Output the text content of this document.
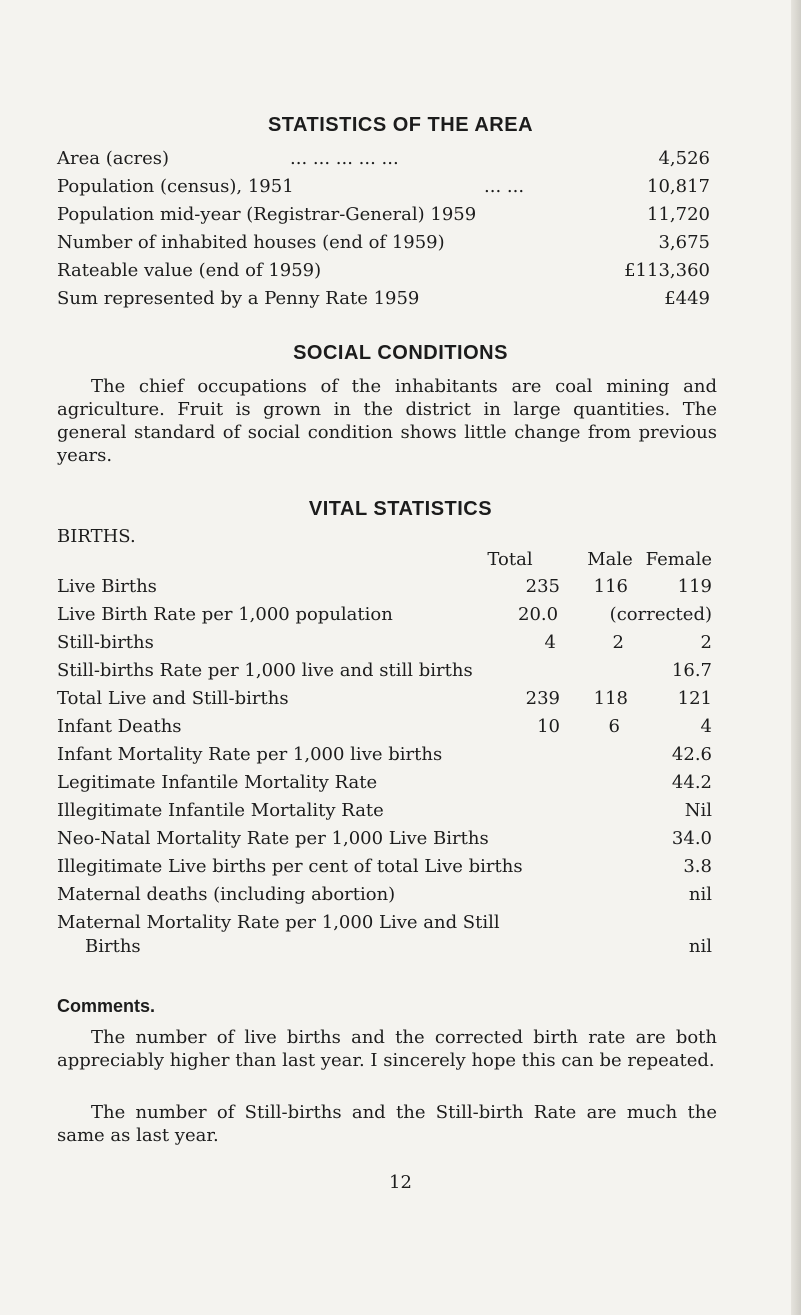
STATISTICS OF THE AREA
Area (acres)	... ... ... ... ...	4,526
Population (census), 1951	... ...	10,817
Population mid-year (Registrar-General) 1959	11,720
Number of inhabited houses (end of 1959)	3,675
Rateable value (end of 1959)	£113,360
Sum represented by a Penny Rate 1959	£449
SOCIAL CONDITIONS
The chief occupations of the inhabitants are coal mining and agriculture. Fruit is grown in the district in large quantities. The general standard of social condition shows little change from previous years.
VITAL STATISTICS
BIRTHS.
Total	Male Female
Live Births	235	116	119
Live Birth Rate per 1,000 population	20.0	(corrected)
Still-births	4	2	2
Still-births Rate per 1,000 live and still births	16.7
Total Live and Still-births	239	118	121
Infant Deaths	10	6	4
Infant Mortality Rate per 1,000 live births	42.6
Legitimate Infantile Mortality Rate	44.2
Illegitimate Infantile Mortality Rate	Nil
Neo-Natal Mortality Rate per 1,000 Live Births	34.0
Illegitimate Live births per cent of total Live births	3.8
Maternal deaths (including abortion)	nil
Maternal Mortality Rate per 1,000 Live and Still
Births	nil
Comments.
The number of live births and the corrected birth rate are both appreciably higher than last year. I sincerely hope this can be repeated.
The number of Still-births and the Still-birth Rate are much the same as last year.
12
